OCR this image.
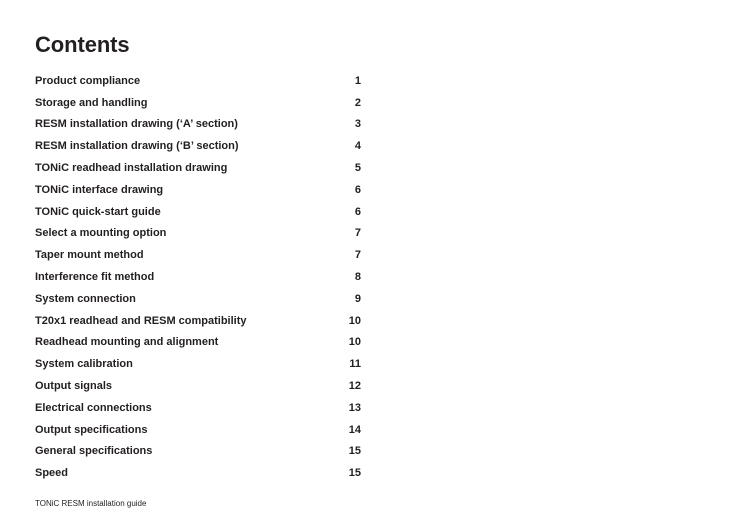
Contents
Product compliance	1
Storage and handling	2
RESM installation drawing (‘A’ section)	3
RESM installation drawing (‘B’ section)	4
TONiC readhead installation drawing	5
TONiC interface drawing	6
TONiC quick-start guide	6
Select a mounting option	7
Taper mount method	7
Interference fit method	8
System connection	9
T20x1 readhead and RESM compatibility	10
Readhead mounting and alignment	10
System calibration	11
Output signals	12
Electrical connections	13
Output specifications	14
General specifications	15
Speed	15
TONiC RESM installation guide
